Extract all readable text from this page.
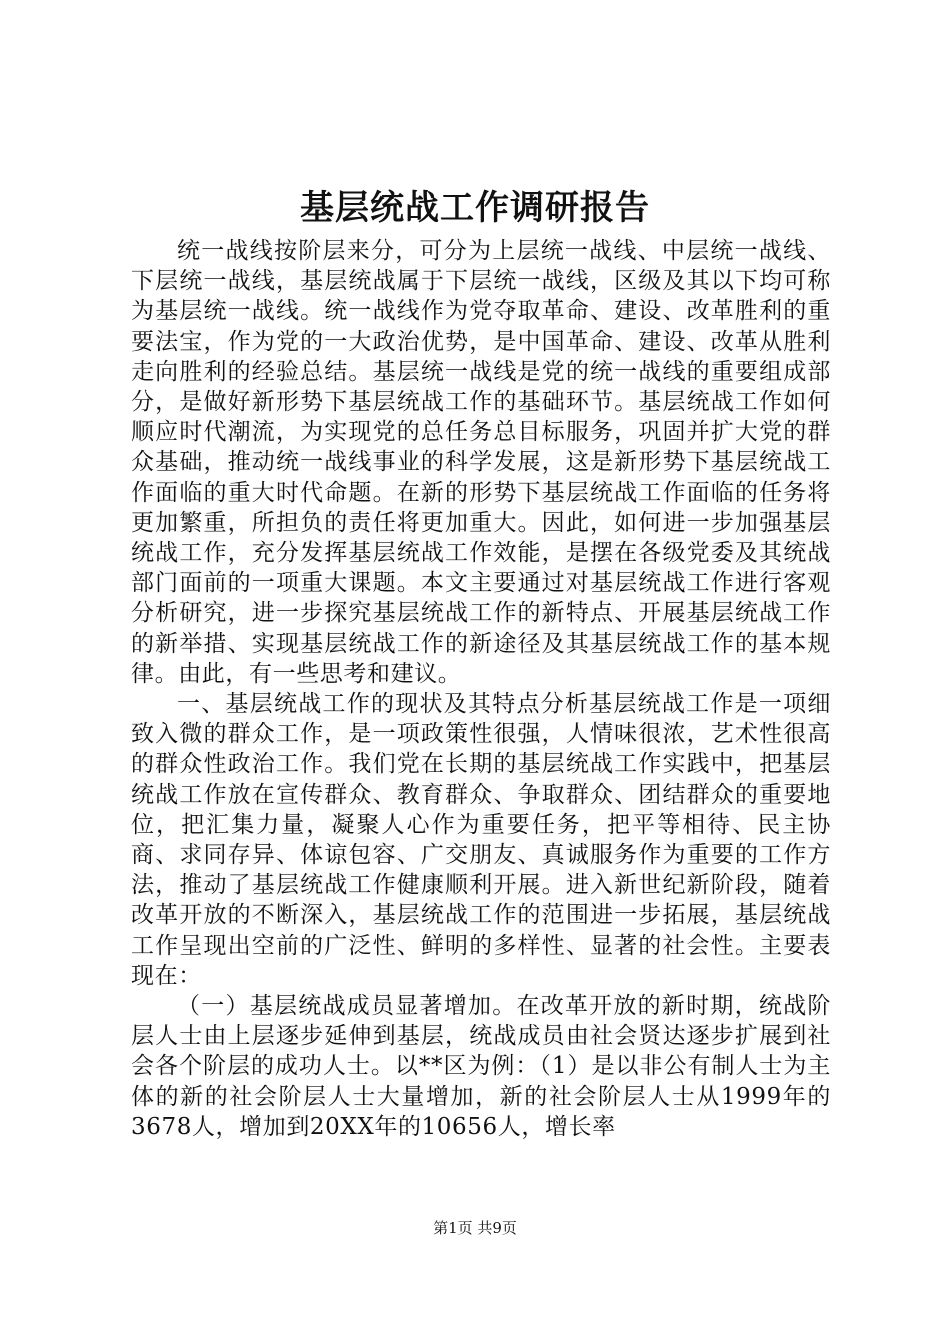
基层统战工作调研报告

统一战线按阶层来分，可分为上层统一战线、中层统一战线、下层统一战线，基层统战属于下层统一战线，区级及其以下均可称为基层统一战线。统一战线作为党夺取革命、建设、改革胜利的重要法宝，作为党的一大政治优势，是中国革命、建设、改革从胜利走向胜利的经验总结。基层统一战线是党的统一战线的重要组成部分，是做好新形势下基层统战工作的基础环节。基层统战工作如何顺应时代潮流，为实现党的总任务总目标服务，巩固并扩大党的群众基础，推动统一战线事业的科学发展，这是新形势下基层统战工作面临的重大时代命题。在新的形势下基层统战工作面临的任务将更加繁重，所担负的责任将更加重大。因此，如何进一步加强基层统战工作，充分发挥基层统战工作效能，是摆在各级党委及其统战部门面前的一项重大课题。本文主要通过对基层统战工作进行客观分析研究，进一步探究基层统战工作的新特点、开展基层统战工作的新举措、实现基层统战工作的新途径及其基层统战工作的基本规律。由此，有一些思考和建议。

一、基层统战工作的现状及其特点分析基层统战工作是一项细致入微的群众工作，是一项政策性很强，人情味很浓，艺术性很高的群众性政治工作。我们党在长期的基层统战工作实践中，把基层统战工作放在宣传群众、教育群众、争取群众、团结群众的重要地位，把汇集力量，凝聚人心作为重要任务，把平等相待、民主协商、求同存异、体谅包容、广交朋友、真诚服务作为重要的工作方法，推动了基层统战工作健康顺利开展。进入新世纪新阶段，随着改革开放的不断深入，基层统战工作的范围进一步拓展，基层统战工作呈现出空前的广泛性、鲜明的多样性、显著的社会性。主要表现在：

（一）基层统战成员显著增加。在改革开放的新时期，统战阶层人士由上层逐步延伸到基层，统战成员由社会贤达逐步扩展到社会各个阶层的成功人士。以**区为例：（1）是以非公有制人士为主体的新的社会阶层人士大量增加，新的社会阶层人士从1999年的3678人，增加到20XX年的10656人，增长率

第1页 共9页
